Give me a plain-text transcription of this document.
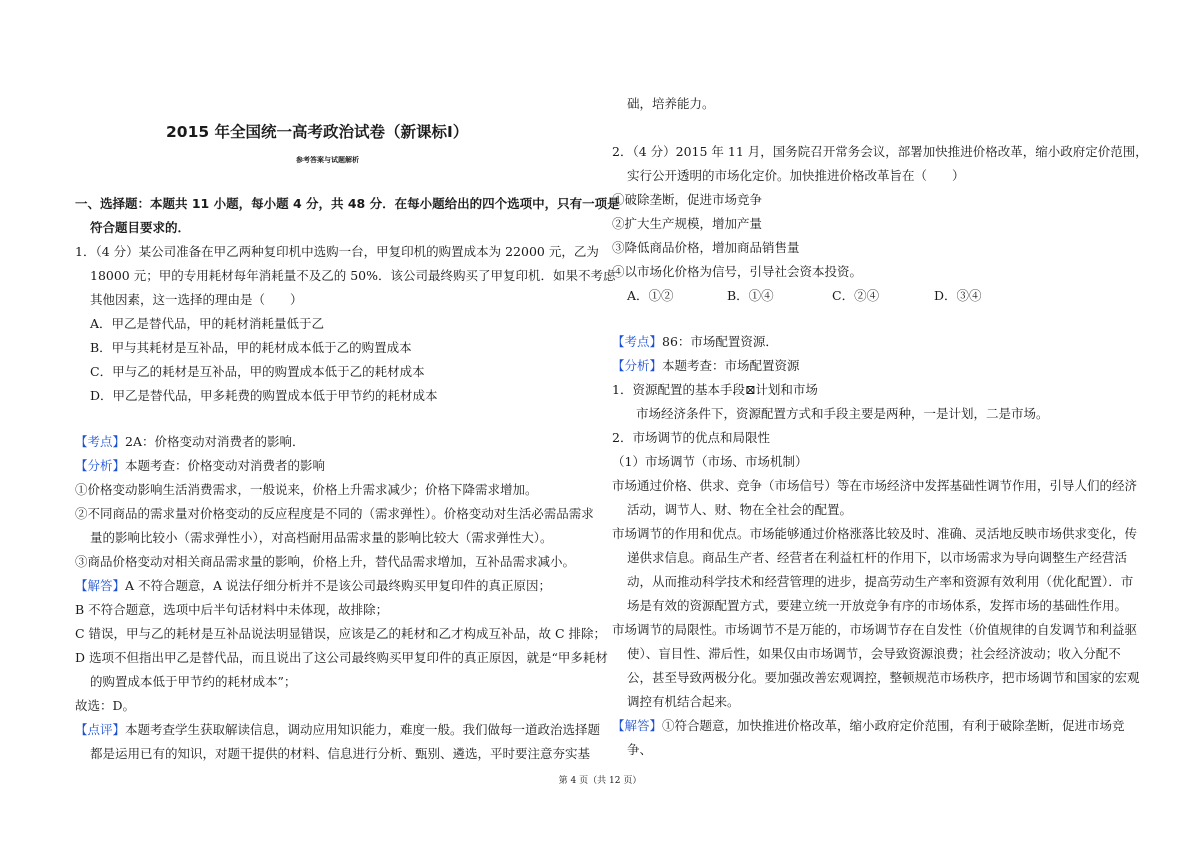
2015 年全国统一高考政治试卷（新课标Ⅰ）
参考答案与试题解析
一、选择题：本题共 11 小题，每小题 4 分，共 48 分．在每小题给出的四个选项中，只有一项是
符合题目要求的．
1．（4 分）某公司准备在甲乙两种复印机中选购一台，甲复印机的购置成本为 22000 元，乙为
18000 元；甲的专用耗材每年消耗量不及乙的 50%．该公司最终购买了甲复印机．如果不考虑
其他因素，这一选择的理由是（　　）
A．甲乙是替代品，甲的耗材消耗量低于乙
B．甲与其耗材是互补品，甲的耗材成本低于乙的购置成本
C．甲与乙的耗材是互补品，甲的购置成本低于乙的耗材成本
D．甲乙是替代品，甲多耗费的购置成本低于甲节约的耗材成本
【考点】2A：价格变动对消费者的影响．
【分析】本题考查：价格变动对消费者的影响
①价格变动影响生活消费需求，一般说来，价格上升需求减少；价格下降需求增加。
②不同商品的需求量对价格变动的反应程度是不同的（需求弹性）。价格变动对生活必需品需求
量的影响比较小（需求弹性小），对高档耐用品需求量的影响比较大（需求弹性大）。
③商品价格变动对相关商品需求量的影响，价格上升，替代品需求增加，互补品需求减小。
【解答】A 不符合题意，A 说法仔细分析并不是该公司最终购买甲复印件的真正原因；
B 不符合题意，选项中后半句话材料中未体现，故排除；
C 错误，甲与乙的耗材是互补品说法明显错误，应该是乙的耗材和乙才构成互补品，故 C 排除；
D 选项不但指出甲乙是替代品，而且说出了这公司最终购买甲复印件的真正原因，就是“甲多耗材
的购置成本低于甲节约的耗材成本”；
故选：D。
【点评】本题考查学生获取解读信息，调动应用知识能力，难度一般。我们做每一道政治选择题
都是运用已有的知识，对题干提供的材料、信息进行分析、甄别、遴选，平时要注意夯实基
础，培养能力。
2．（4 分）2015 年 11 月，国务院召开常务会议，部署加快推进价格改革，缩小政府定价范围，
实行公开透明的市场化定价。加快推进价格改革旨在（　　）
①破除垄断，促进市场竞争
②扩大生产规模，增加产量
③降低商品价格，增加商品销售量
④以市场化价格为信号，引导社会资本投资。
A．①②	B．①④	C．②④	D．③④
【考点】86：市场配置资源．
【分析】本题考查：市场配置资源
1．资源配置的基本手段⊠计划和市场
市场经济条件下，资源配置方式和手段主要是两种，一是计划，二是市场。
2．市场调节的优点和局限性
（1）市场调节（市场、市场机制）
市场通过价格、供求、竞争（市场信号）等在市场经济中发挥基础性调节作用，引导人们的经济
活动，调节人、财、物在全社会的配置。
市场调节的作用和优点。市场能够通过价格涨落比较及时、准确、灵活地反映市场供求变化，传
递供求信息。商品生产者、经营者在利益杠杆的作用下，以市场需求为导向调整生产经营活
动，从而推动科学技术和经营管理的进步，提高劳动生产率和资源有效利用（优化配置）．市
场是有效的资源配置方式，要建立统一开放竞争有序的市场体系，发挥市场的基础性作用。
市场调节的局限性。市场调节不是万能的，市场调节存在自发性（价值规律的自发调节和利益驱
使）、盲目性、滞后性，如果仅由市场调节，会导致资源浪费；社会经济波动；收入分配不
公，甚至导致两极分化。要加强改善宏观调控，整顿规范市场秩序，把市场调节和国家的宏观
调控有机结合起来。
【解答】①符合题意，加快推进价格改革，缩小政府定价范围，有利于破除垄断，促进市场竞
争、
第 4 页（共 12 页）
